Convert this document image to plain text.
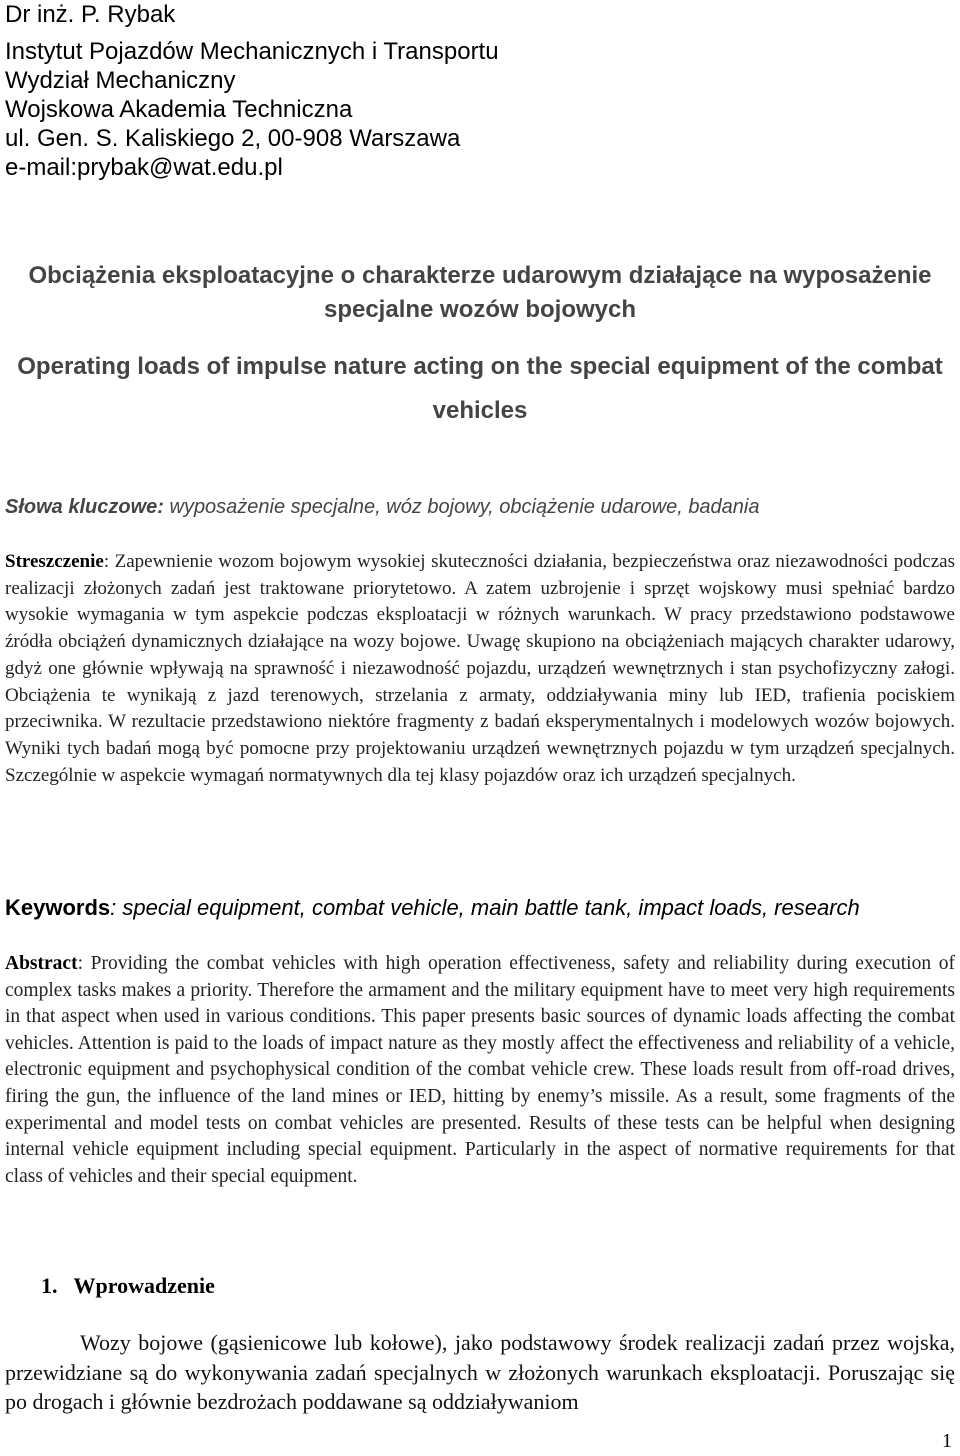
Dr inż. P. Rybak
Instytut Pojazdów Mechanicznych i Transportu
Wydział Mechaniczny
Wojskowa Akademia Techniczna
ul. Gen. S. Kaliskiego 2, 00-908 Warszawa
e-mail:prybak@wat.edu.pl
Obciążenia eksploatacyjne o charakterze udarowym działające na wyposażenie specjalne wozów bojowych
Operating loads of impulse nature acting on the special equipment of the combat vehicles
Słowa kluczowe: wyposażenie specjalne, wóz bojowy, obciążenie udarowe, badania
Streszczenie: Zapewnienie wozom bojowym wysokiej skuteczności działania, bezpieczeństwa oraz niezawodności podczas realizacji złożonych zadań jest traktowane priorytetowo. A zatem uzbrojenie i sprzęt wojskowy musi spełniać bardzo wysokie wymagania w tym aspekcie podczas eksploatacji w różnych warunkach. W pracy przedstawiono podstawowe źródła obciążeń dynamicznych działające na wozy bojowe. Uwagę skupiono na obciążeniach mających charakter udarowy, gdyż one głównie wpływają na sprawność i niezawodność pojazdu, urządzeń wewnętrznych i stan psychofizyczny załogi. Obciążenia te wynikają z jazd terenowych, strzelania z armaty, oddziaływania miny lub IED, trafienia pociskiem przeciwnika. W rezultacie przedstawiono niektóre fragmenty z badań eksperymentalnych i modelowych wozów bojowych. Wyniki tych badań mogą być pomocne przy projektowaniu urządzeń wewnętrznych pojazdu w tym urządzeń specjalnych. Szczególnie w aspekcie wymagań normatywnych dla tej klasy pojazdów oraz ich urządzeń specjalnych.
Keywords: special equipment, combat vehicle, main battle tank, impact loads, research
Abstract: Providing the combat vehicles with high operation effectiveness, safety and reliability during execution of complex tasks makes a priority. Therefore the armament and the military equipment have to meet very high requirements in that aspect when used in various conditions. This paper presents basic sources of dynamic loads affecting the combat vehicles. Attention is paid to the loads of impact nature as they mostly affect the effectiveness and reliability of a vehicle, electronic equipment and psychophysical condition of the combat vehicle crew. These loads result from off-road drives, firing the gun, the influence of the land mines or IED, hitting by enemy’s missile. As a result, some fragments of the experimental and model tests on combat vehicles are presented. Results of these tests can be helpful when designing internal vehicle equipment including special equipment. Particularly in the aspect of normative requirements for that class of vehicles and their special equipment.
1. Wprowadzenie
Wozy bojowe (gąsienicowe lub kołowe), jako podstawowy środek realizacji zadań przez wojska, przewidziane są do wykonywania zadań specjalnych w złożonych warunkach eksploatacji. Poruszając się po drogach i głównie bezdrożach poddawane są oddziaływaniom
1
